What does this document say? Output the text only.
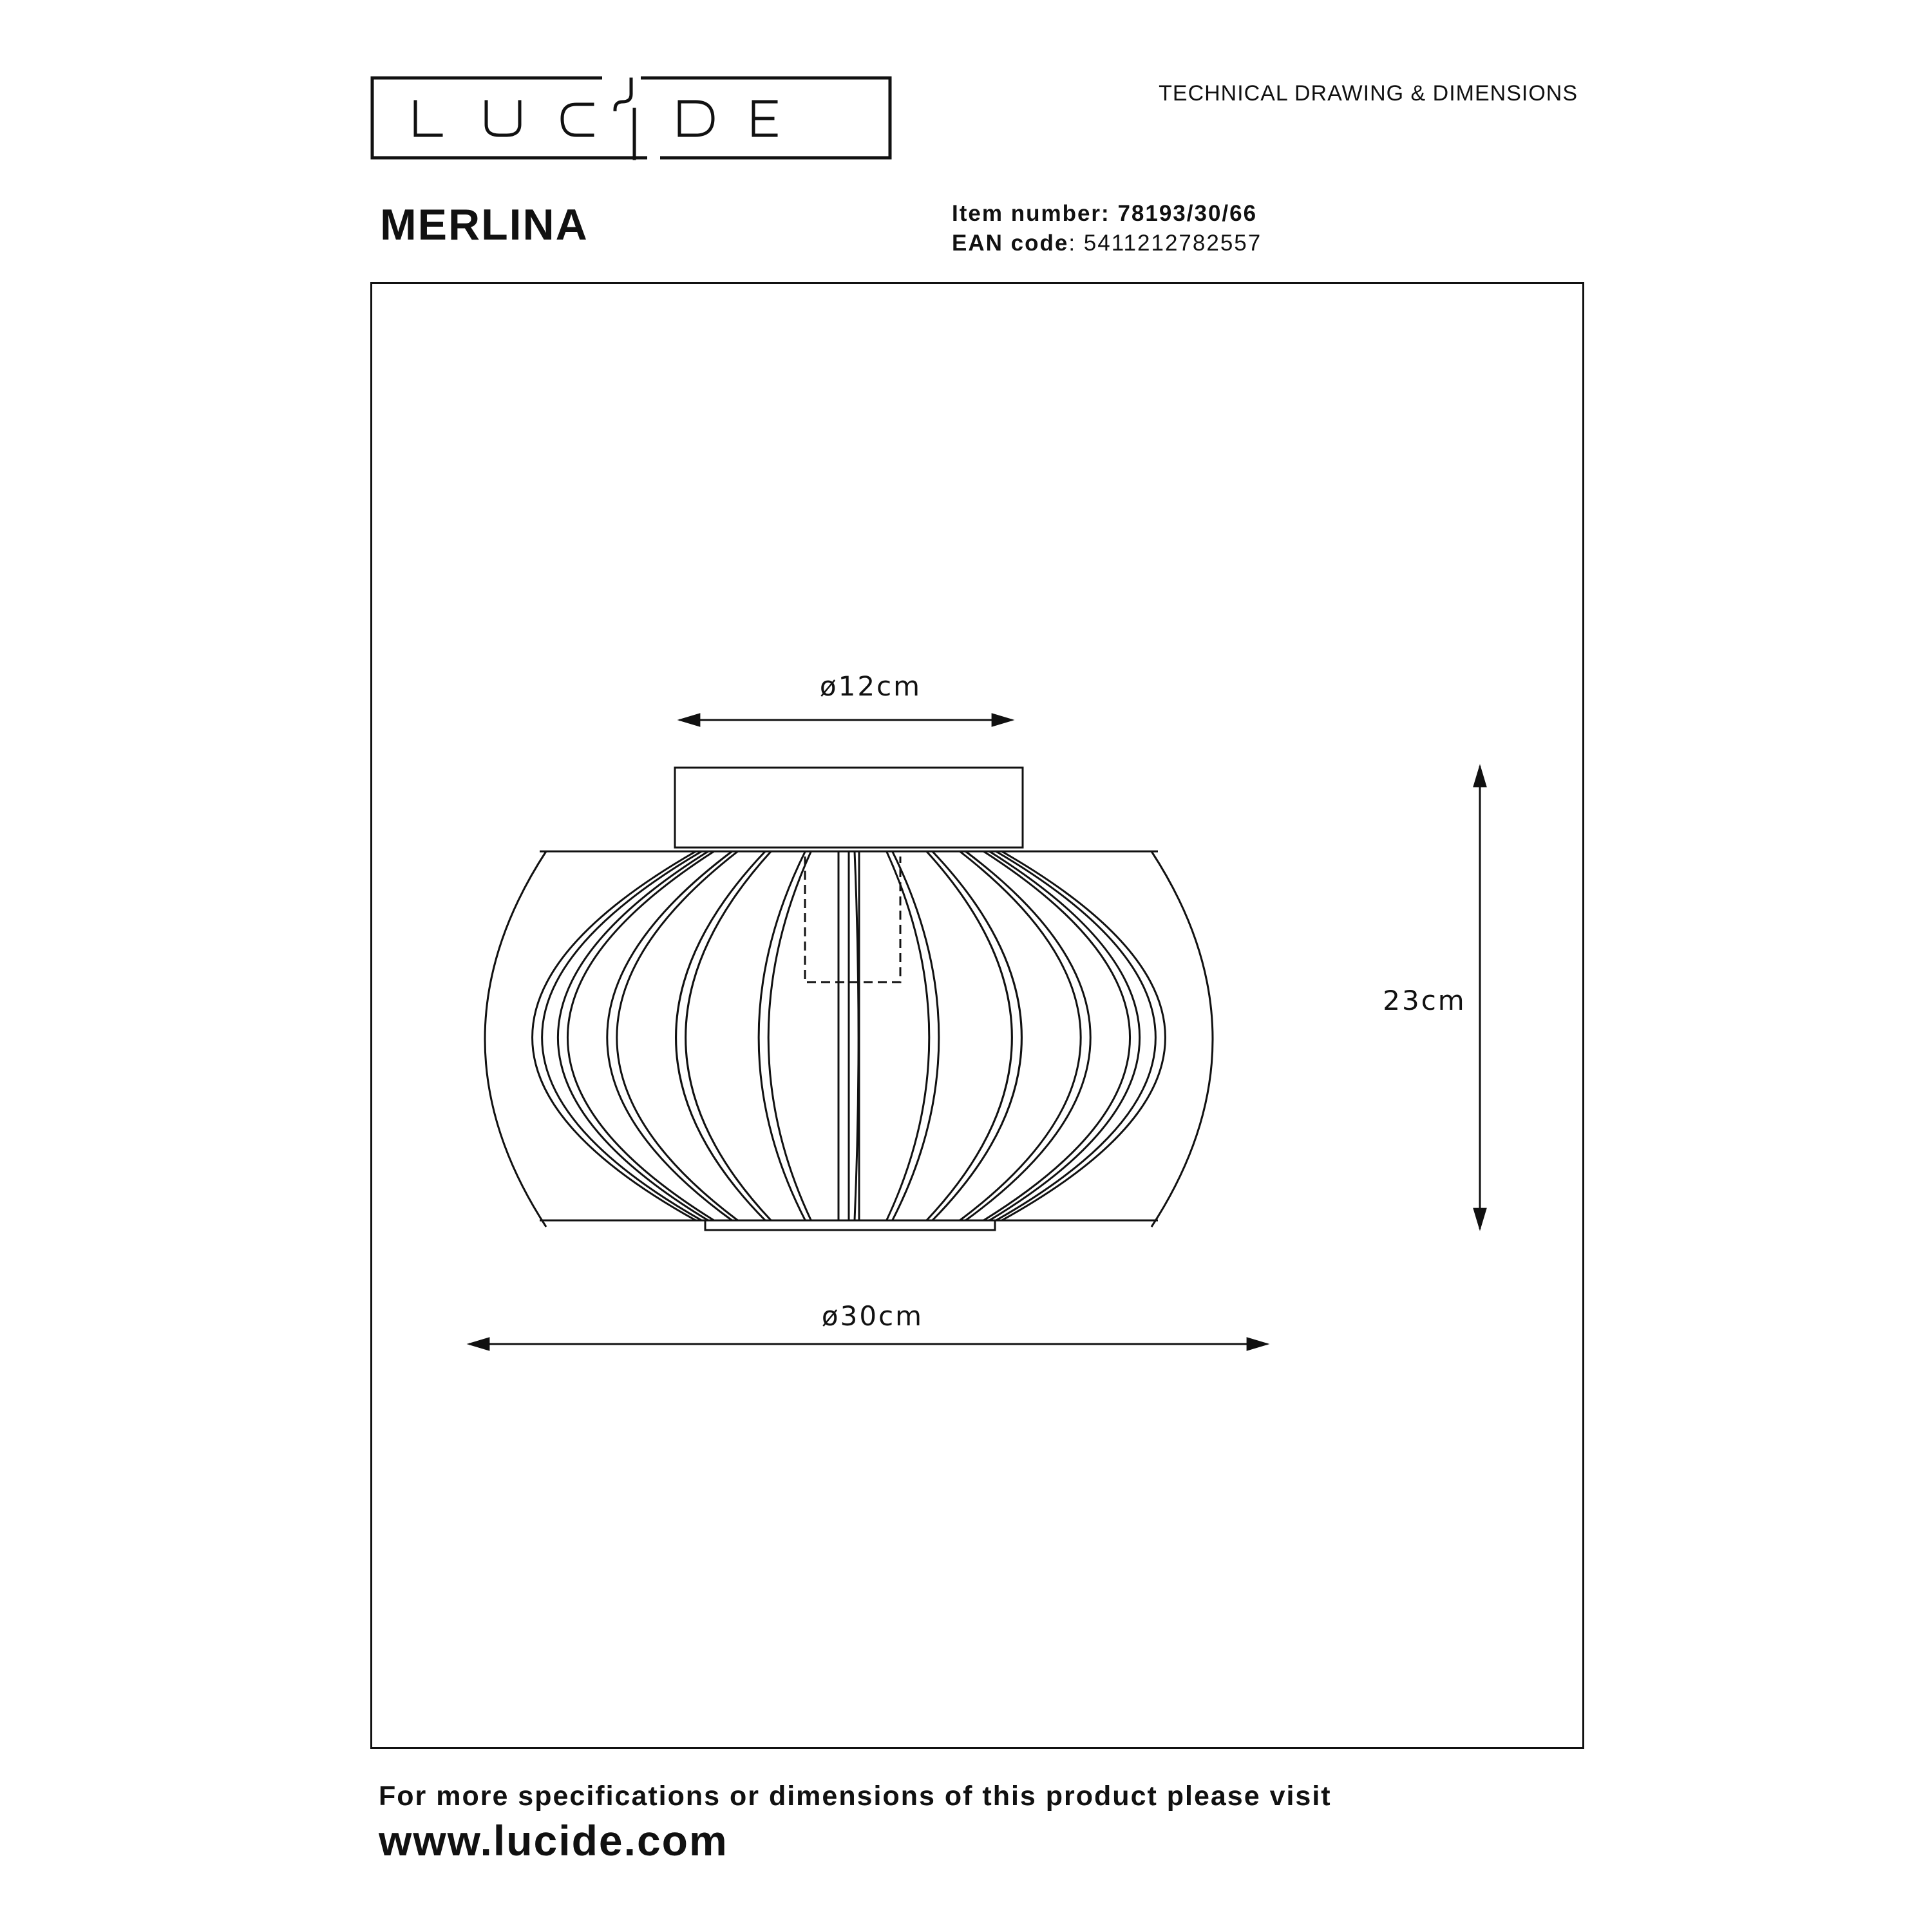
TECHNICAL DRAWING & DIMENSIONS
MERLINA	Item number: 78193/30/66
EAN code: 5411212782557
ø12cm
ø30cm
23cm
For more specifications or dimensions of this product please visit
www.lucide.com
